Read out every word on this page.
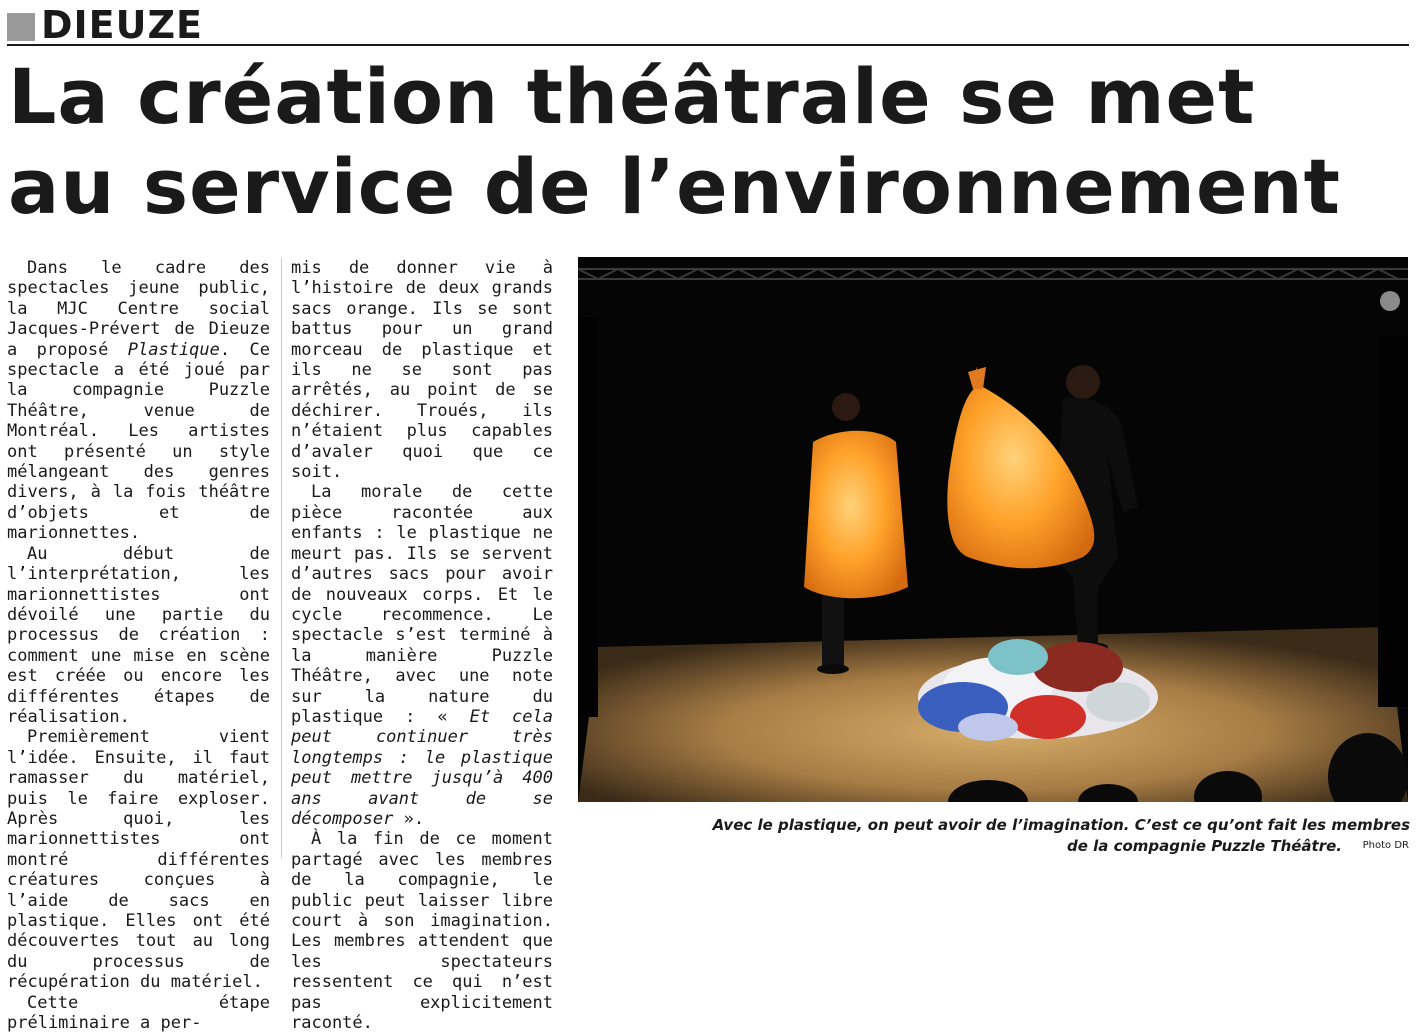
DIEUZE
La création théâtrale se met
au service de l’environnement

Dans le cadre des spectacles jeune public, la MJC Centre social Jacques-Prévert de Dieuze a proposé Plastique. Ce spectacle a été joué par la compagnie Puzzle Théâtre, venue de Montréal. Les artistes ont présenté un style mélangeant des genres divers, à la fois théâtre d’objets et de marionnettes.

Au début de l’interprétation, les marionnettistes ont dévoilé une partie du processus de création : comment une mise en scène est créée ou encore les différentes étapes de réalisation.

Premièrement vient l’idée. Ensuite, il faut ramasser du matériel, puis le faire exploser. Après quoi, les marionnettistes ont montré différentes créatures conçues à l’aide de sacs en plastique. Elles ont été découvertes tout au long du processus de récupération du matériel.

Cette étape préliminaire a per-

mis de donner vie à l’histoire de deux grands sacs orange. Ils se sont battus pour un grand morceau de plastique et ils ne se sont pas arrêtés, au point de se déchirer. Troués, ils n’étaient plus capables d’avaler quoi que ce soit.

La morale de cette pièce racontée aux enfants : le plastique ne meurt pas. Ils se servent d’autres sacs pour avoir de nouveaux corps. Et le cycle recommence. Le spectacle s’est terminé à la manière Puzzle Théâtre, avec une note sur la nature du plastique : « Et cela peut continuer très longtemps : le plastique peut mettre jusqu’à 400 ans avant de se décomposer ».

À la fin de ce moment partagé avec les membres de la compagnie, le public peut laisser libre court à son imagination. Les membres attendent que les spectateurs ressentent ce qui n’est pas explicitement raconté.

Avec le plastique, on peut avoir de l’imagination. C’est ce qu’ont fait les membres
de la compagnie Puzzle Théâtre.	Photo DR
